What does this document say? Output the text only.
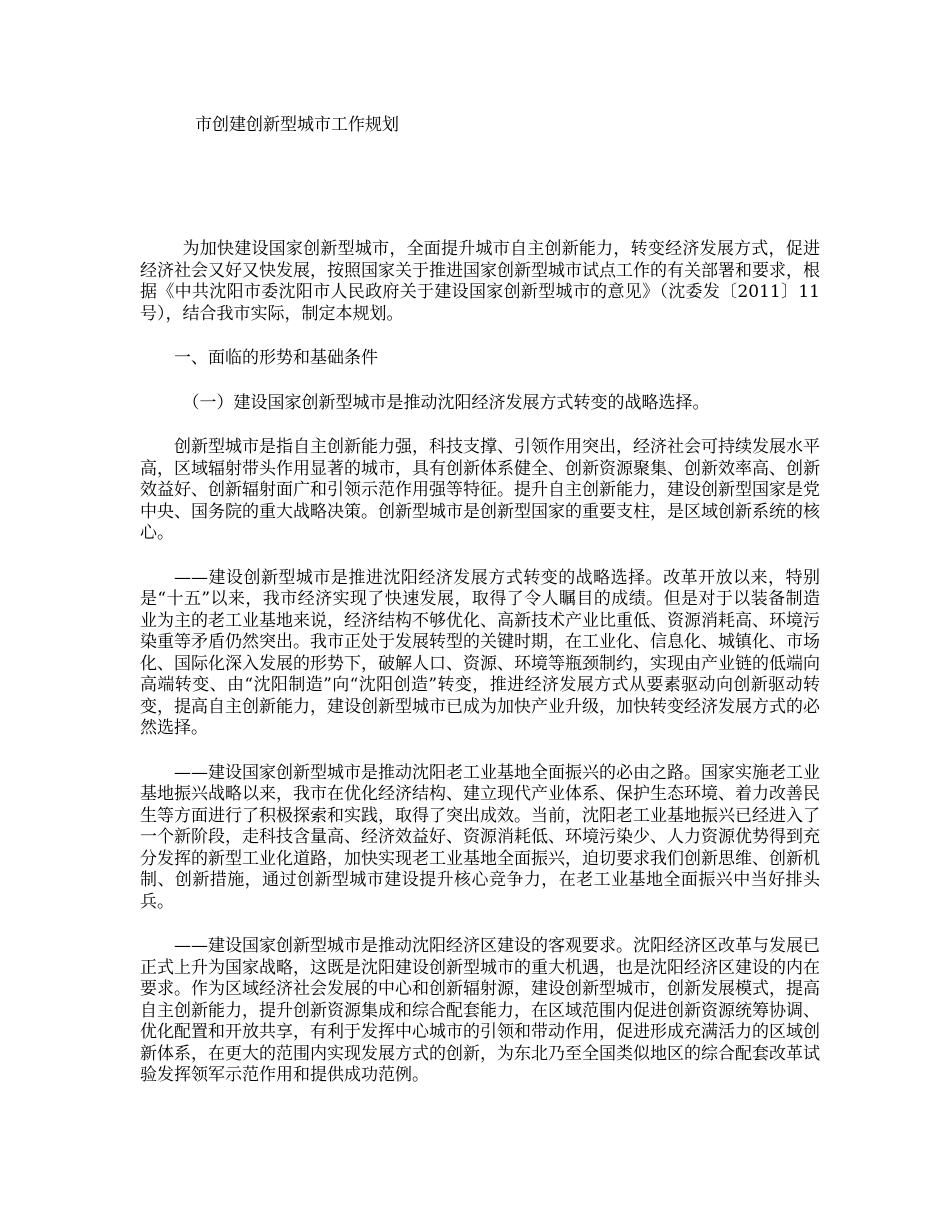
市创建创新型城市工作规划

为加快建设国家创新型城市，全面提升城市自主创新能力，转变经济发展方式，促进经济社会又好又快发展，按照国家关于推进国家创新型城市试点工作的有关部署和要求，根据《中共沈阳市委沈阳市人民政府关于建设国家创新型城市的意见》（沈委发〔2011〕11号），结合我市实际，制定本规划。

一、面临的形势和基础条件

（一）建设国家创新型城市是推动沈阳经济发展方式转变的战略选择。

创新型城市是指自主创新能力强，科技支撑、引领作用突出，经济社会可持续发展水平高，区域辐射带头作用显著的城市，具有创新体系健全、创新资源聚集、创新效率高、创新效益好、创新辐射面广和引领示范作用强等特征。提升自主创新能力，建设创新型国家是党中央、国务院的重大战略决策。创新型城市是创新型国家的重要支柱，是区域创新系统的核心。

——建设创新型城市是推进沈阳经济发展方式转变的战略选择。改革开放以来，特别是“十五”以来，我市经济实现了快速发展，取得了令人瞩目的成绩。但是对于以装备制造业为主的老工业基地来说，经济结构不够优化、高新技术产业比重低、资源消耗高、环境污染重等矛盾仍然突出。我市正处于发展转型的关键时期，在工业化、信息化、城镇化、市场化、国际化深入发展的形势下，破解人口、资源、环境等瓶颈制约，实现由产业链的低端向高端转变、由“沈阳制造”向“沈阳创造”转变，推进经济发展方式从要素驱动向创新驱动转变，提高自主创新能力，建设创新型城市已成为加快产业升级，加快转变经济发展方式的必然选择。

——建设国家创新型城市是推动沈阳老工业基地全面振兴的必由之路。国家实施老工业基地振兴战略以来，我市在优化经济结构、建立现代产业体系、保护生态环境、着力改善民生等方面进行了积极探索和实践，取得了突出成效。当前，沈阳老工业基地振兴已经进入了一个新阶段，走科技含量高、经济效益好、资源消耗低、环境污染少、人力资源优势得到充分发挥的新型工业化道路，加快实现老工业基地全面振兴，迫切要求我们创新思维、创新机制、创新措施，通过创新型城市建设提升核心竞争力，在老工业基地全面振兴中当好排头兵。

——建设国家创新型城市是推动沈阳经济区建设的客观要求。沈阳经济区改革与发展已正式上升为国家战略，这既是沈阳建设创新型城市的重大机遇，也是沈阳经济区建设的内在要求。作为区域经济社会发展的中心和创新辐射源，建设创新型城市，创新发展模式，提高自主创新能力，提升创新资源集成和综合配套能力，在区域范围内促进创新资源统筹协调、优化配置和开放共享，有利于发挥中心城市的引领和带动作用，促进形成充满活力的区域创新体系，在更大的范围内实现发展方式的创新，为东北乃至全国类似地区的综合配套改革试验发挥领军示范作用和提供成功范例。
